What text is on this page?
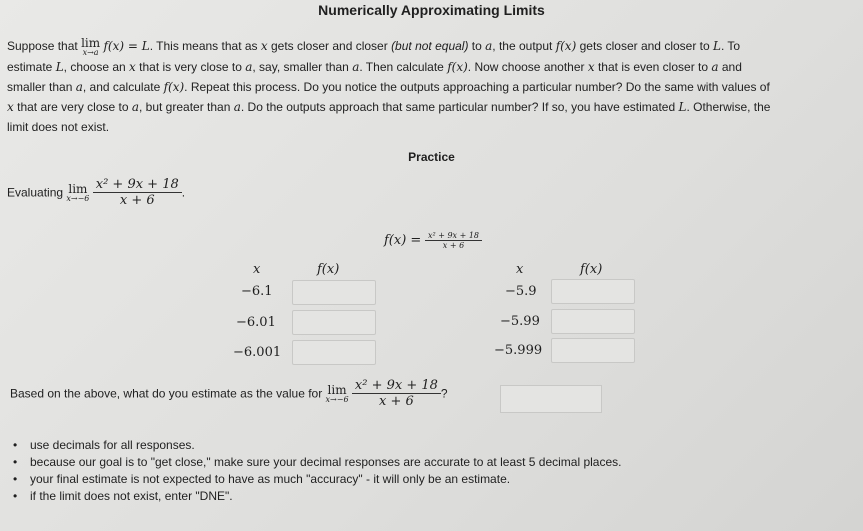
Numerically Approximating Limits
Suppose that lim
x→a f(x) = L. This means that as x gets closer and closer (but not equal) to a, the output f(x) gets closer and closer to L. To
estimate L, choose an x that is very close to a, say, smaller than a. Then calculate f(x). Now choose another x that is even closer to a and
smaller than a, and calculate f(x). Repeat this process. Do you notice the outputs approaching a particular number? Do the same with values of
x that are very close to a, but greater than a. Do the outputs approach that same particular number? If so, you have estimated L. Otherwise, the
limit does not exist.
Practice
Evaluating lim
x→−6
$\frac{\text{x² + 9x + 18}}{x + 6}$ .
$f(x) = \frac{\text{x² + 9x + 18}}{x + 6}$
x	f(x)
−6.1
−6.01
−6.001
x	f(x)
−5.9
−5.99
−5.999
Based on the above, what do you estimate as the value for lim
x→−6
$\frac{\text{x² + 9x + 18}}{x + 6}$ ?
• use decimals for all responses.
• because our goal is to "get close," make sure your decimal responses are accurate to at least 5 decimal places.
• your final estimate is not expected to have as much "accuracy" - it will only be an estimate.
• if the limit does not exist, enter "DNE".
